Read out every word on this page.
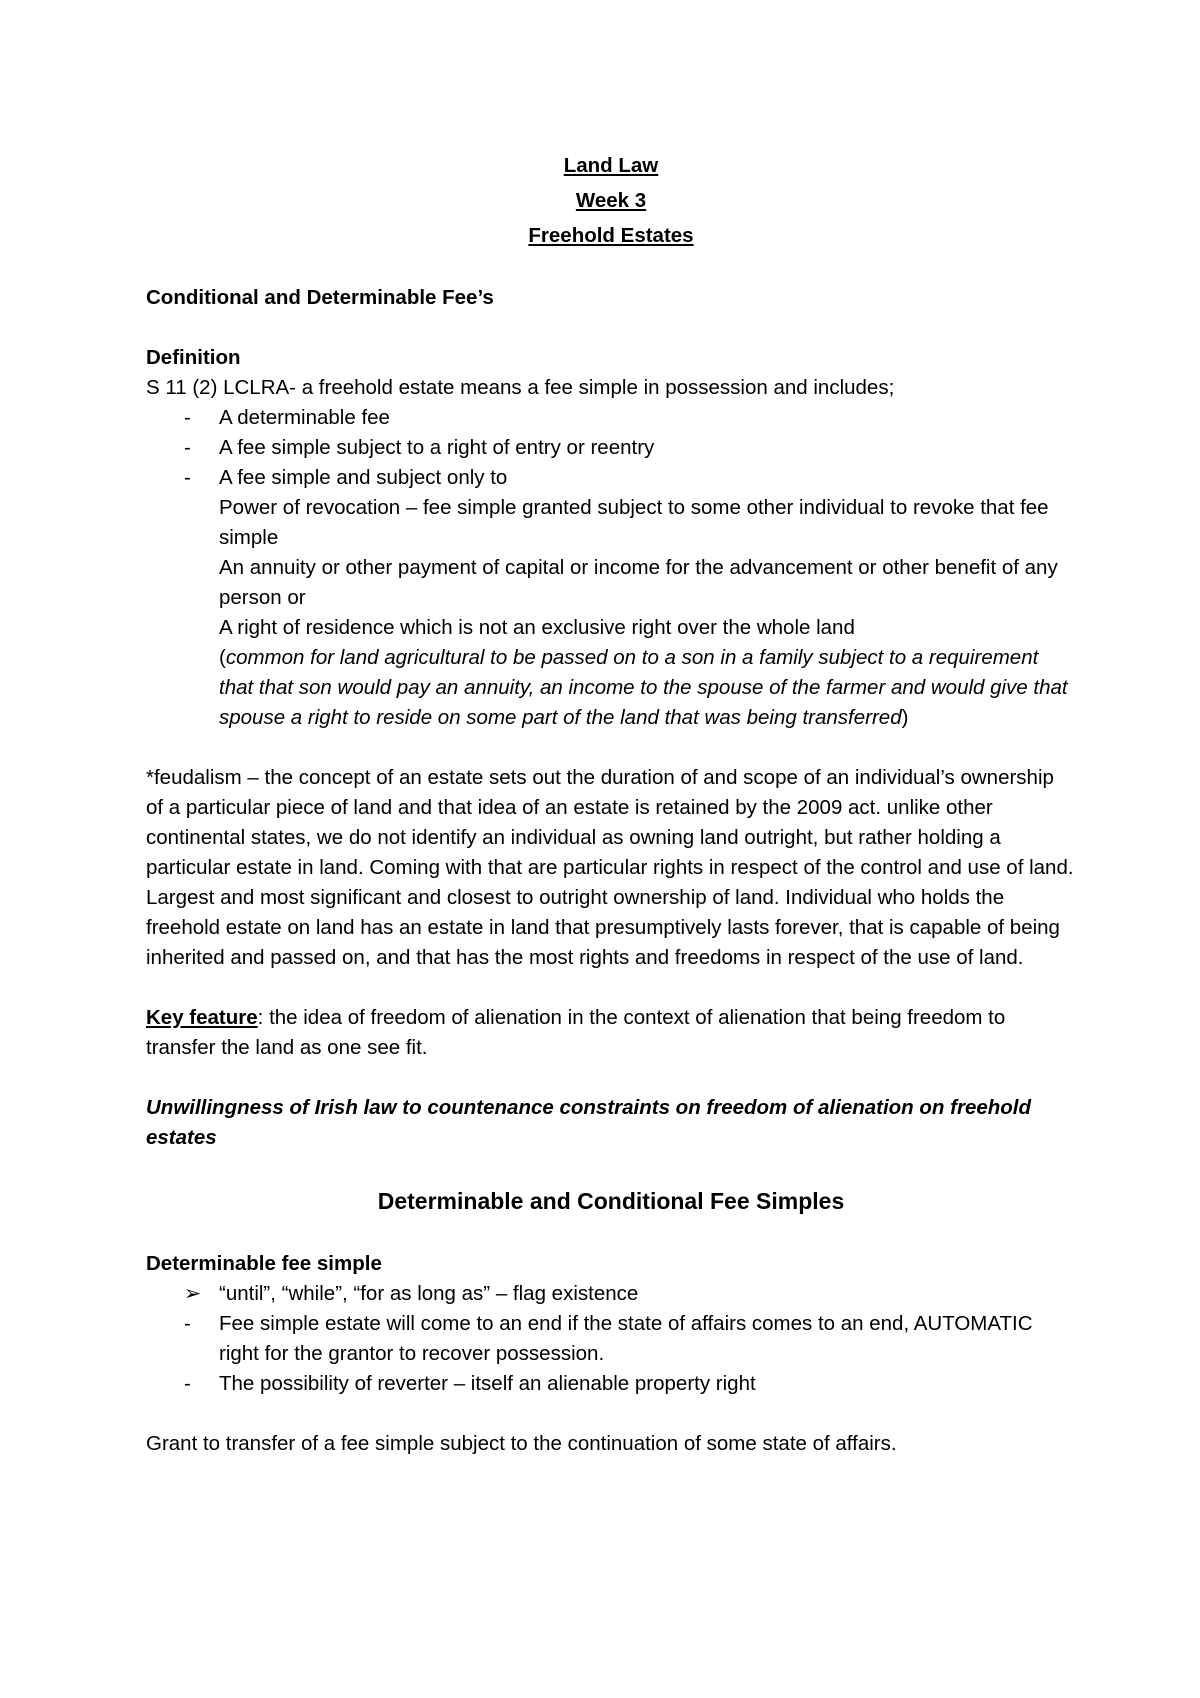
Land Law
Week 3
Freehold Estates

Conditional and Determinable Fee’s

Definition

S 11 (2) LCLRA- a freehold estate means a fee simple in possession and includes;

- A determinable fee
- A fee simple subject to a right of entry or reentry
- A fee simple and subject only to

Power of revocation – fee simple granted subject to some other individual to revoke that fee simple

An annuity or other payment of capital or income for the advancement or other benefit of any person or

A right of residence which is not an exclusive right over the whole land

(common for land agricultural to be passed on to a son in a family subject to a requirement that that son would pay an annuity, an income to the spouse of the farmer and would give that spouse a right to reside on some part of the land that was being transferred)

*feudalism – the concept of an estate sets out the duration of and scope of an individual’s ownership of a particular piece of land and that idea of an estate is retained by the 2009 act. unlike other continental states, we do not identify an individual as owning land outright, but rather holding a particular estate in land. Coming with that are particular rights in respect of the control and use of land. Largest and most significant and closest to outright ownership of land. Individual who holds the freehold estate on land has an estate in land that presumptively lasts forever, that is capable of being inherited and passed on, and that has the most rights and freedoms in respect of the use of land.

Key feature: the idea of freedom of alienation in the context of alienation that being freedom to transfer the land as one see fit.

Unwillingness of Irish law to countenance constraints on freedom of alienation on freehold estates

Determinable and Conditional Fee Simples

Determinable fee simple

➢ “until”, “while”, “for as long as” – flag existence
- Fee simple estate will come to an end if the state of affairs comes to an end, AUTOMATIC right for the grantor to recover possession.
- The possibility of reverter – itself an alienable property right

Grant to transfer of a fee simple subject to the continuation of some state of affairs.
